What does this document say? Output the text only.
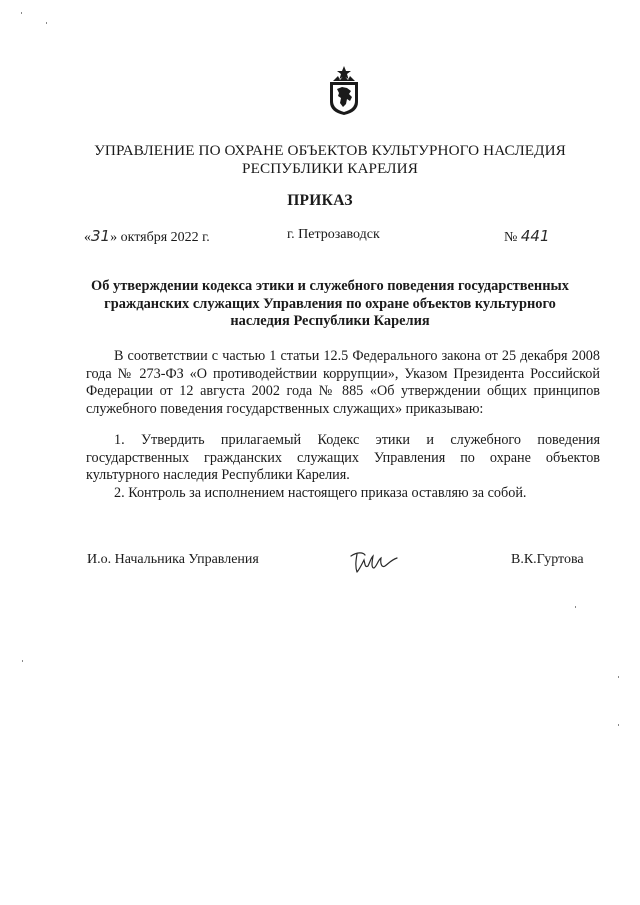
УПРАВЛЕНИЕ ПО ОХРАНЕ ОБЪЕКТОВ КУЛЬТУРНОГО НАСЛЕДИЯ
РЕСПУБЛИКИ КАРЕЛИЯ
ПРИКАЗ
«31» октября 2022 г.	г. Петрозаводск	№ 441
Об утверждении кодекса этики и служебного поведения государственных
гражданских служащих Управления по охране объектов культурного
наследия Республики Карелия

В соответствии с частью 1 статьи 12.5 Федерального закона от 25 декабря 2008 года № 273-ФЗ «О противодействии коррупции», Указом Президента Российской Федерации от 12 августа 2002 года № 885 «Об утверждении общих принципов служебного поведения государственных служащих» приказываю:

1. Утвердить прилагаемый Кодекс этики и служебного поведения государственных гражданских служащих Управления по охране объектов культурного наследия Республики Карелия.

2. Контроль за исполнением настоящего приказа оставляю за собой.

И.о. Начальника Управления	В.К.Гуртова
